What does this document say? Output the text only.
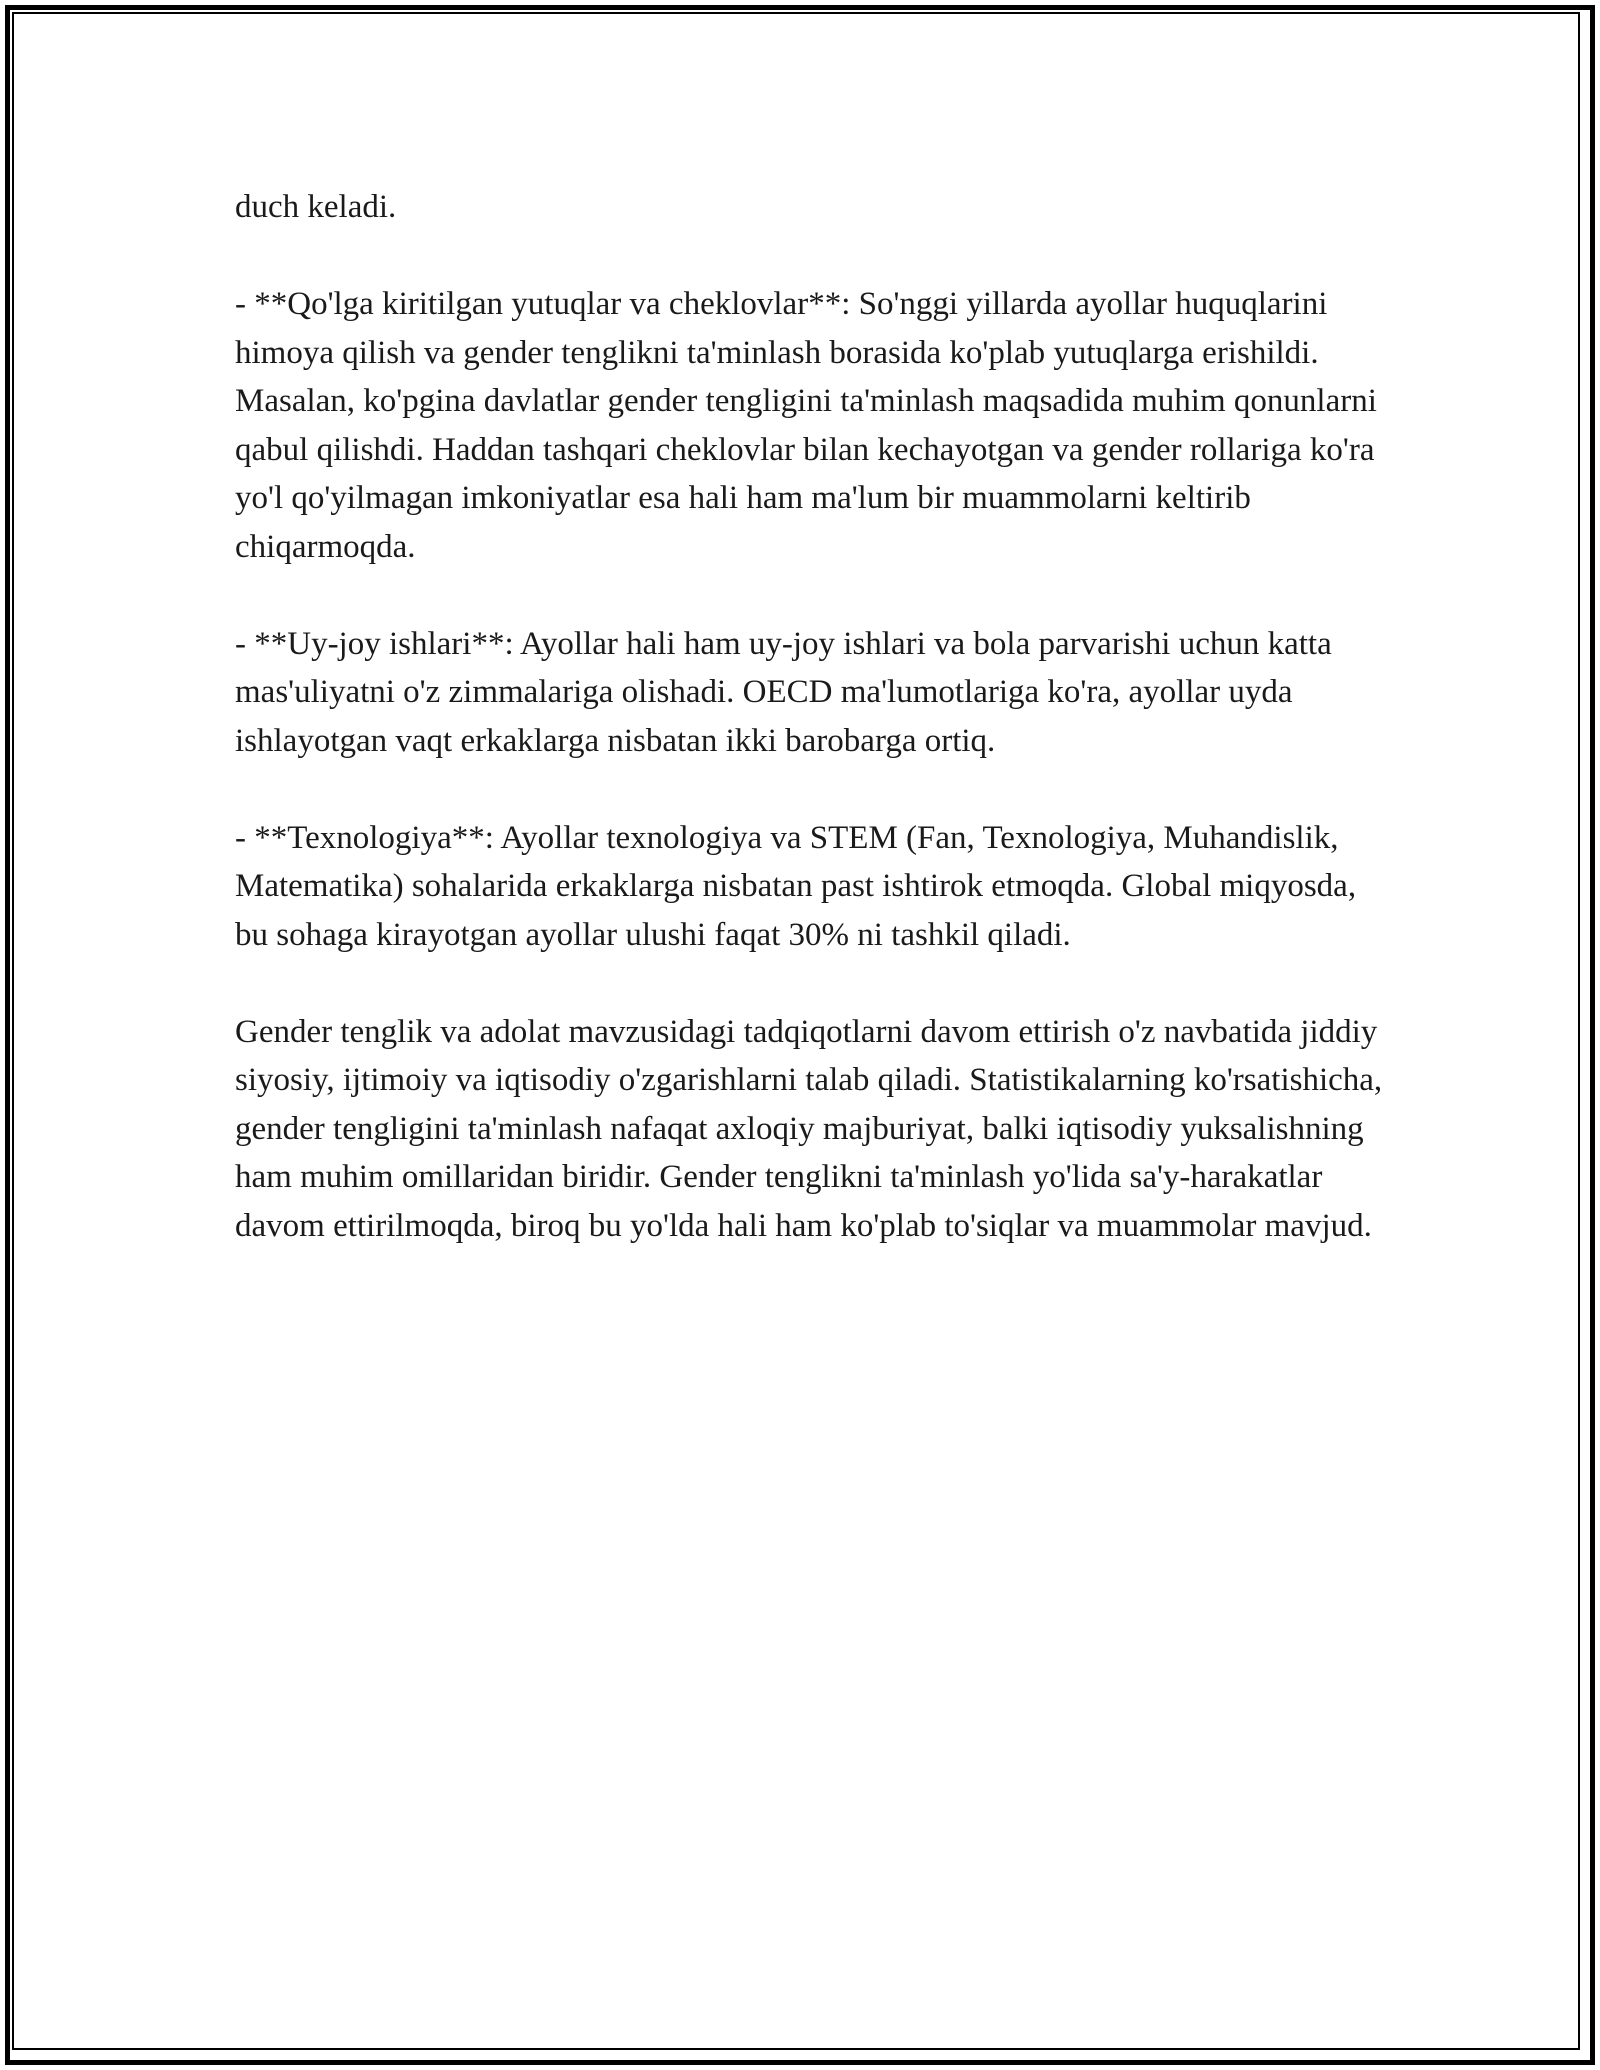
duch keladi.

- **Qo'lga kiritilgan yutuqlar va cheklovlar**: So'nggi yillarda ayollar huquqlarini himoya qilish va gender tenglikni ta'minlash borasida ko'plab yutuqlarga erishildi. Masalan, ko'pgina davlatlar gender tengligini ta'minlash maqsadida muhim qonunlarni qabul qilishdi. Haddan tashqari cheklovlar bilan kechayotgan va gender rollariga ko'ra yo'l qo'yilmagan imkoniyatlar esa hali ham ma'lum bir muammolarni keltirib chiqarmoqda.

- **Uy-joy ishlari**: Ayollar hali ham uy-joy ishlari va bola parvarishi uchun katta mas'uliyatni o'z zimmalariga olishadi. OECD ma'lumotlariga ko'ra, ayollar uyda ishlayotgan vaqt erkaklarga nisbatan ikki barobarga ortiq.

- **Texnologiya**: Ayollar texnologiya va STEM (Fan, Texnologiya, Muhandislik, Matematika) sohalarida erkaklarga nisbatan past ishtirok etmoqda. Global miqyosda, bu sohaga kirayotgan ayollar ulushi faqat 30% ni tashkil qiladi.

Gender tenglik va adolat mavzusidagi tadqiqotlarni davom ettirish o'z navbatida jiddiy siyosiy, ijtimoiy va iqtisodiy o'zgarishlarni talab qiladi. Statistikalarning ko'rsatishicha, gender tengligini ta'minlash nafaqat axloqiy majburiyat, balki iqtisodiy yuksalishning ham muhim omillaridan biridir. Gender tenglikni ta'minlash yo'lida sa'y-harakatlar davom ettirilmoqda, biroq bu yo'lda hali ham ko'plab to'siqlar va muammolar mavjud.
